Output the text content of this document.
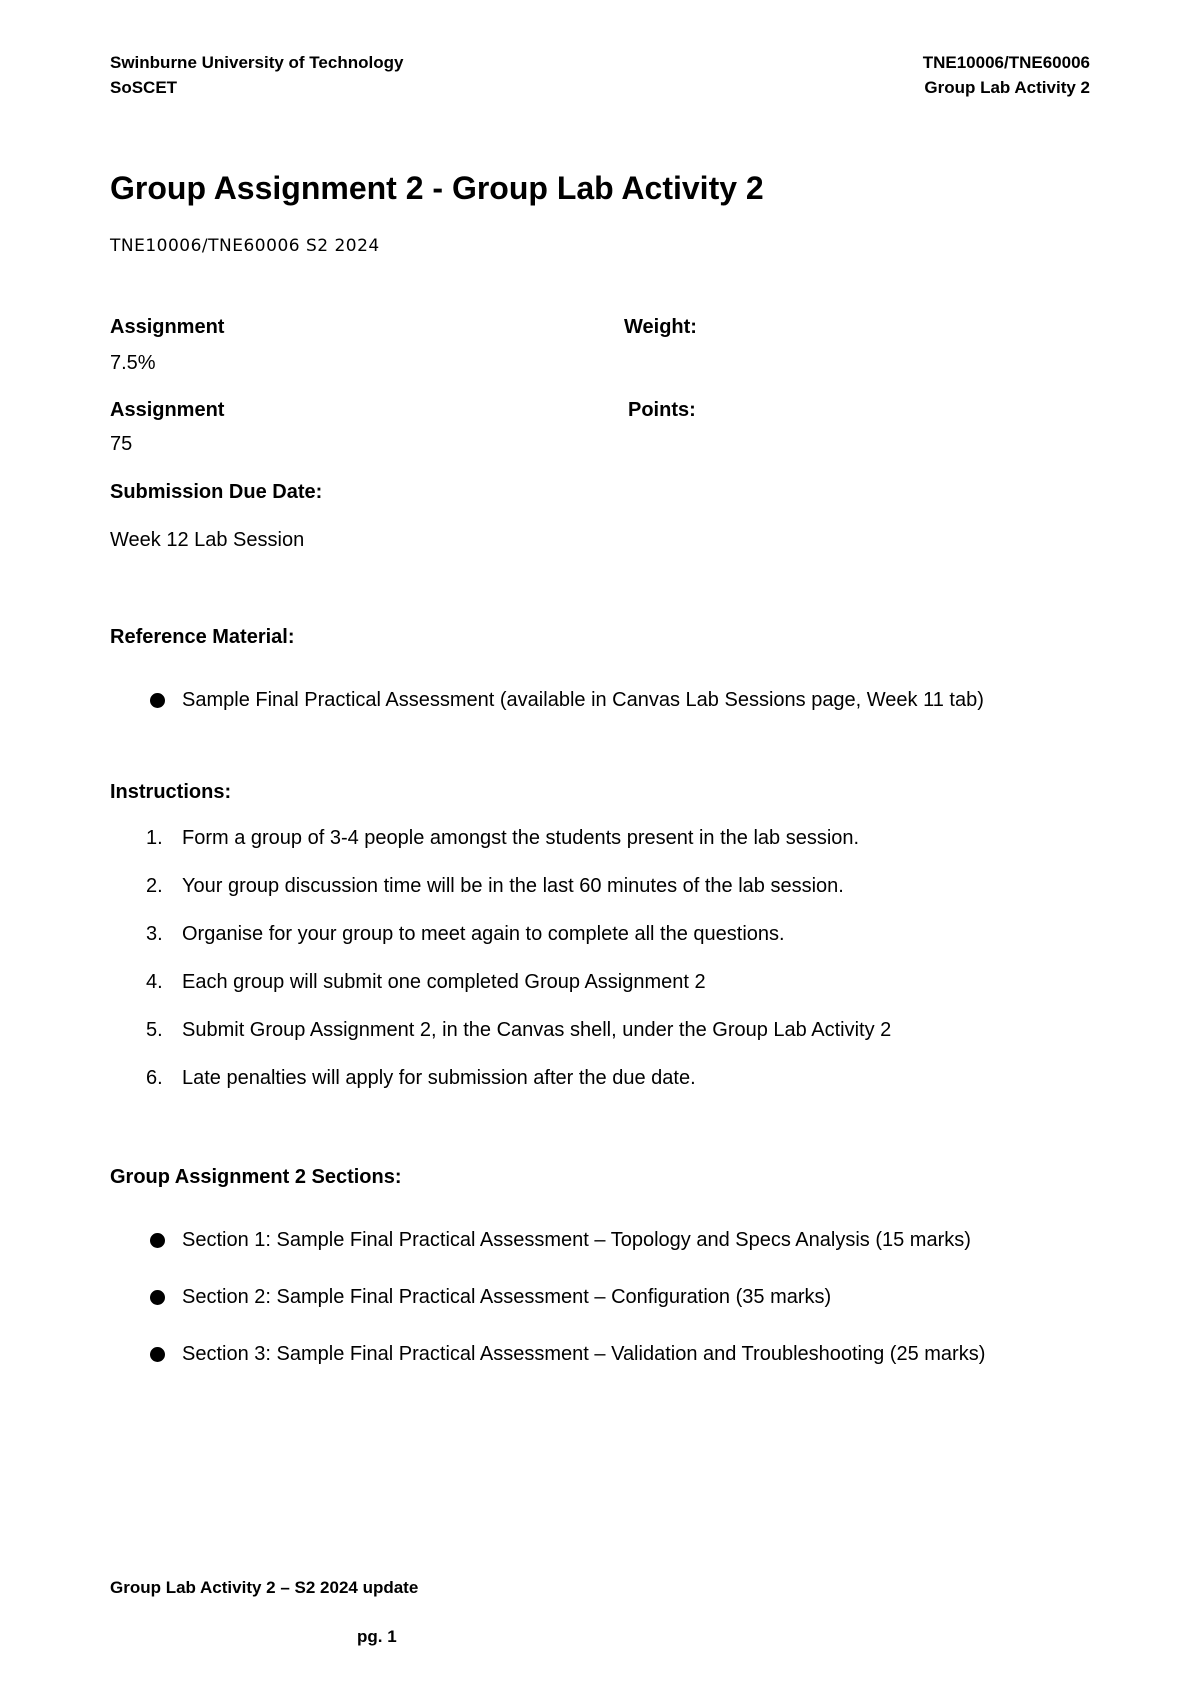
Swinburne University of Technology
SoSCET
TNE10006/TNE60006
Group Lab Activity 2
Group Assignment 2 - Group Lab Activity 2
TNE10006/TNE60006 S2 2024
Assignment	Weight:
7.5%
Assignment	Points:
75
Submission Due Date:
Week 12 Lab Session
Reference Material:
Sample Final Practical Assessment (available in Canvas Lab Sessions page, Week 11 tab)
Instructions:
1. Form a group of 3-4 people amongst the students present in the lab session.
2. Your group discussion time will be in the last 60 minutes of the lab session.
3. Organise for your group to meet again to complete all the questions.
4. Each group will submit one completed Group Assignment 2
5. Submit Group Assignment 2, in the Canvas shell, under the Group Lab Activity 2
6. Late penalties will apply for submission after the due date.
Group Assignment 2 Sections:
Section 1: Sample Final Practical Assessment – Topology and Specs Analysis (15 marks)
Section 2: Sample Final Practical Assessment – Configuration (35 marks)
Section 3: Sample Final Practical Assessment – Validation and Troubleshooting (25 marks)
Group Lab Activity 2 – S2 2024 update
pg. 1
